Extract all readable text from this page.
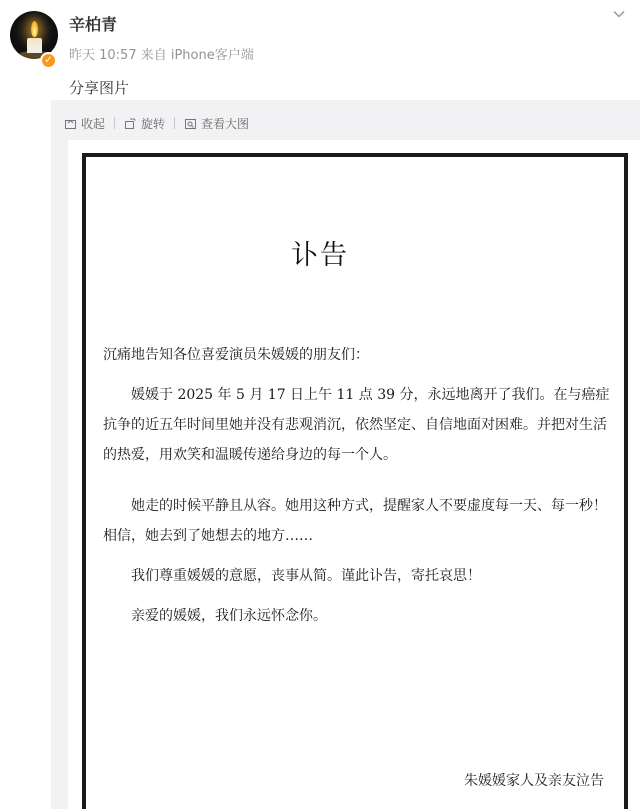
✓
辛柏青
昨天 10:57 来自 iPhone客户端
分享图片
收起	旋转	查看大图
讣告

沉痛地告知各位喜爱演员朱媛媛的朋友们：

媛媛于 2025 年 5 月 17 日上午 11 点 39 分，永远地离开了我们。在与癌症抗争的近五年时间里她并没有悲观消沉，依然坚定、自信地面对困难。并把对生活的热爱，用欢笑和温暖传递给身边的每一个人。

她走的时候平静且从容。她用这种方式，提醒家人不要虚度每一天、每一秒！相信，她去到了她想去的地方……

我们尊重媛媛的意愿，丧事从简。谨此讣告，寄托哀思！

亲爱的媛媛，我们永远怀念你。

朱媛媛家人及亲友泣告
